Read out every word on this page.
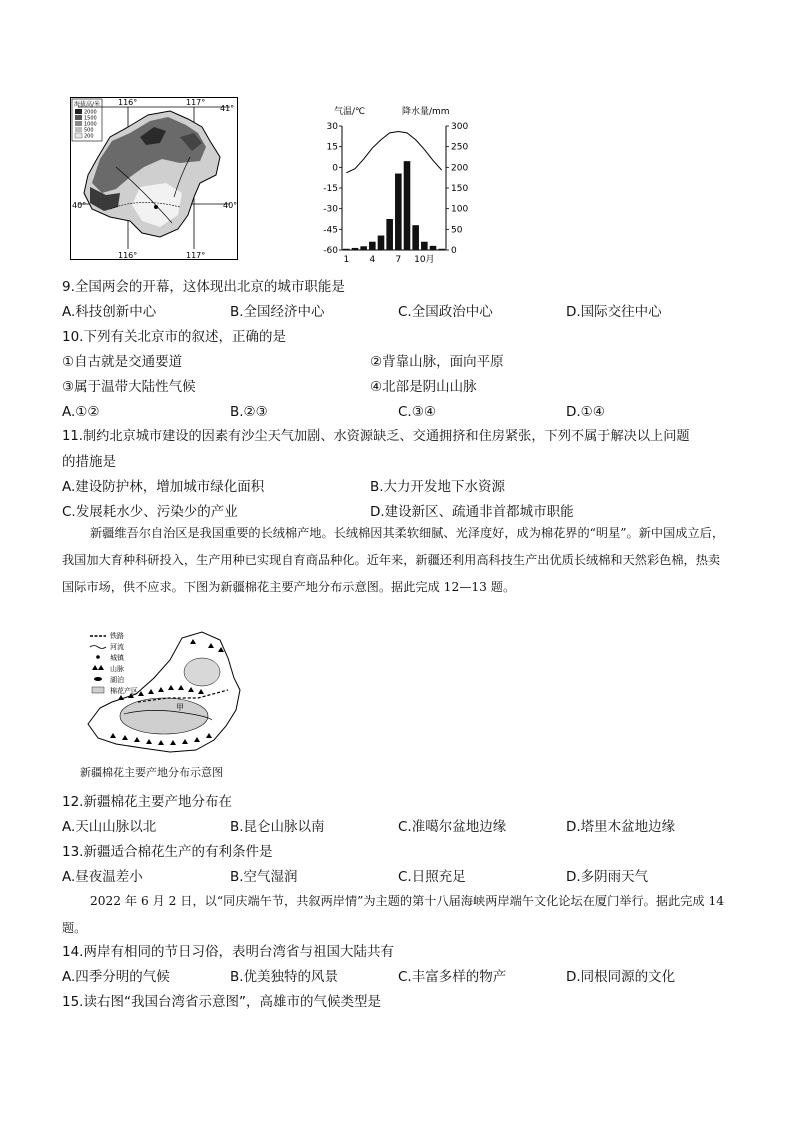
海拔高/米
2000
1500
1000
500
200
116°	117°
116°	117°
41°
40°	40°
气温/℃	降水量/mm
30
15
0
-15
-30
-45
-60
300
250
200
150
100
50
0
1 4 7 10月
9.全国两会的开幕，这体现出北京的城市职能是
A.科技创新中心	B.全国经济中心	C.全国政治中心	D.国际交往中心
10.下列有关北京市的叙述，正确的是
①自古就是交通要道	②背靠山脉，面向平原
③属于温带大陆性气候	④北部是阴山山脉
A.①②	B.②③	C.③④	D.①④
11.制约北京城市建设的因素有沙尘天气加剧、水资源缺乏、交通拥挤和住房紧张，下列不属于解决以上问题
的措施是
A.建设防护林，增加城市绿化面积	B.大力开发地下水资源
C.发展耗水少、污染少的产业	D.建设新区、疏通非首都城市职能
新疆维吾尔自治区是我国重要的长绒棉产地。长绒棉因其柔软细腻、光泽度好，成为棉花界的“明星”。新中国成立后，我国加大育种科研投入，生产用种已实现自育商品种化。近年来，新疆还利用高科技生产出优质长绒棉和天然彩色棉，热卖国际市场，供不应求。下图为新疆棉花主要产地分布示意图。据此完成 12—13 题。
甲
铁路
河流
城镇
山脉
湖泊
棉花产区
新疆棉花主要产地分布示意图
12.新疆棉花主要产地分布在
A.天山山脉以北	B.昆仑山脉以南	C.准噶尔盆地边缘	D.塔里木盆地边缘
13.新疆适合棉花生产的有利条件是
A.昼夜温差小	B.空气湿润	C.日照充足	D.多阴雨天气
2022 年 6 月 2 日，以“同庆端午节，共叙两岸情”为主题的第十八届海峡两岸端午文化论坛在厦门举行。据此完成 14 题。
14.两岸有相同的节日习俗，表明台湾省与祖国大陆共有
A.四季分明的气候	B.优美独特的风景	C.丰富多样的物产	D.同根同源的文化
15.读右图“我国台湾省示意图”，高雄市的气候类型是
